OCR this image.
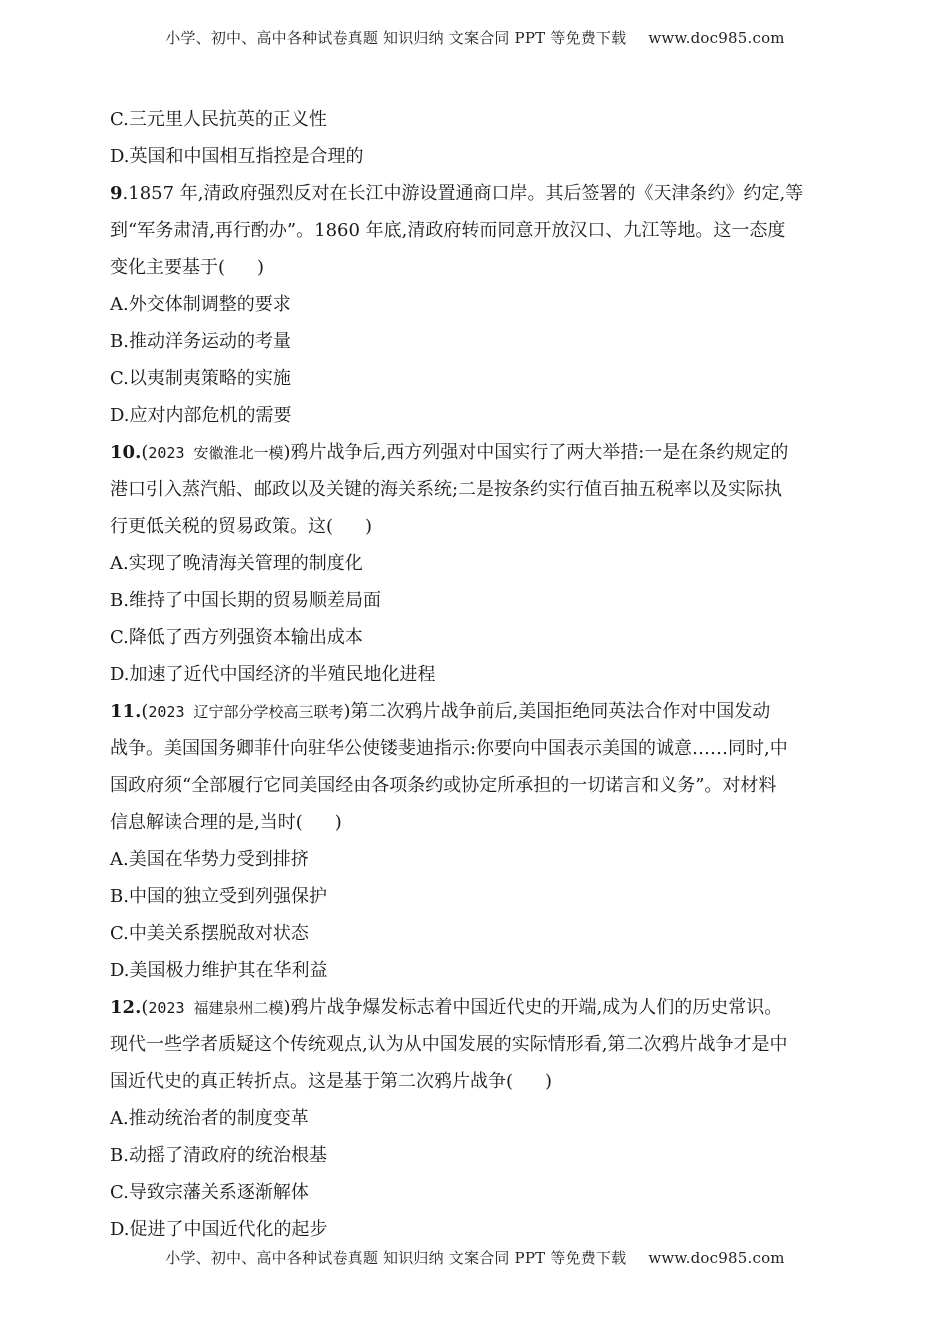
小学、初中、高中各种试卷真题 知识归纳 文案合同 PPT 等免费下载 www.doc985.com
C.三元里人民抗英的正义性
D.英国和中国相互指控是合理的
9.1857 年,清政府强烈反对在长江中游设置通商口岸。其后签署的《天津条约》约定,等
到“军务肃清,再行酌办”。1860 年底,清政府转而同意开放汉口、九江等地。这一态度
变化主要基于( )
A.外交体制调整的要求
B.推动洋务运动的考量
C.以夷制夷策略的实施
D.应对内部危机的需要
10.(2023 安徽淮北一模)鸦片战争后,西方列强对中国实行了两大举措:一是在条约规定的
港口引入蒸汽船、邮政以及关键的海关系统;二是按条约实行值百抽五税率以及实际执
行更低关税的贸易政策。这( )
A.实现了晚清海关管理的制度化
B.维持了中国长期的贸易顺差局面
C.降低了西方列强资本输出成本
D.加速了近代中国经济的半殖民地化进程
11.(2023 辽宁部分学校高三联考)第二次鸦片战争前后,美国拒绝同英法合作对中国发动
战争。美国国务卿菲什向驻华公使镂斐迪指示:你要向中国表示美国的诚意……同时,中
国政府须“全部履行它同美国经由各项条约或协定所承担的一切诺言和义务”。对材料
信息解读合理的是,当时( )
A.美国在华势力受到排挤
B.中国的独立受到列强保护
C.中美关系摆脱敌对状态
D.美国极力维护其在华利益
12.(2023 福建泉州二模)鸦片战争爆发标志着中国近代史的开端,成为人们的历史常识。
现代一些学者质疑这个传统观点,认为从中国发展的实际情形看,第二次鸦片战争才是中
国近代史的真正转折点。这是基于第二次鸦片战争( )
A.推动统治者的制度变革
B.动摇了清政府的统治根基
C.导致宗藩关系逐渐解体
D.促进了中国近代化的起步
小学、初中、高中各种试卷真题 知识归纳 文案合同 PPT 等免费下载 www.doc985.com
